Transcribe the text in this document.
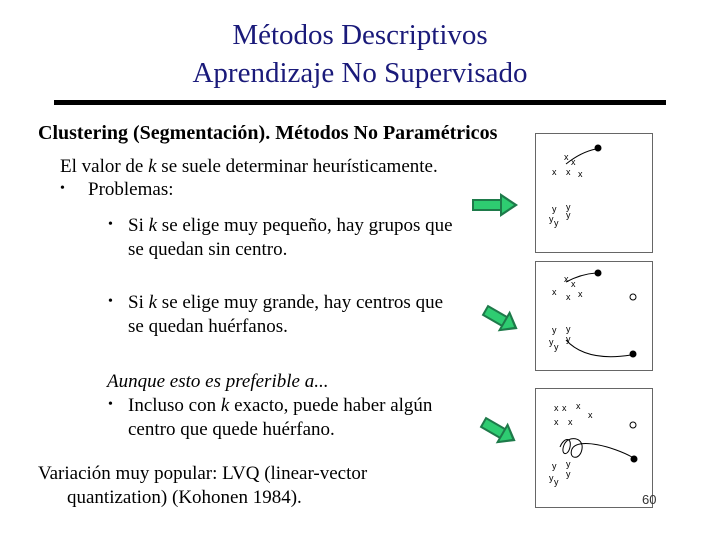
Métodos Descriptivos
Aprendizaje No Supervisado
Clustering (Segmentación). Métodos No Paramétricos
El valor de k se suele determinar heurísticamente.
• Problemas:
• Si k se elige muy pequeño, hay grupos que
se quedan sin centro.
• Si k se elige muy grande, hay centros que
se quedan huérfanos.
Aunque esto es preferible a...
• Incluso con k exacto, puede haber algún
centro que quede huérfano.
Variación muy popular: LVQ (linear-vector
quantization) (Kohonen 1984).
x x
x x x
y y
y y
y
x x
x x x
y y
y y
y
x x x
x
x x
y y
y y
y
60
